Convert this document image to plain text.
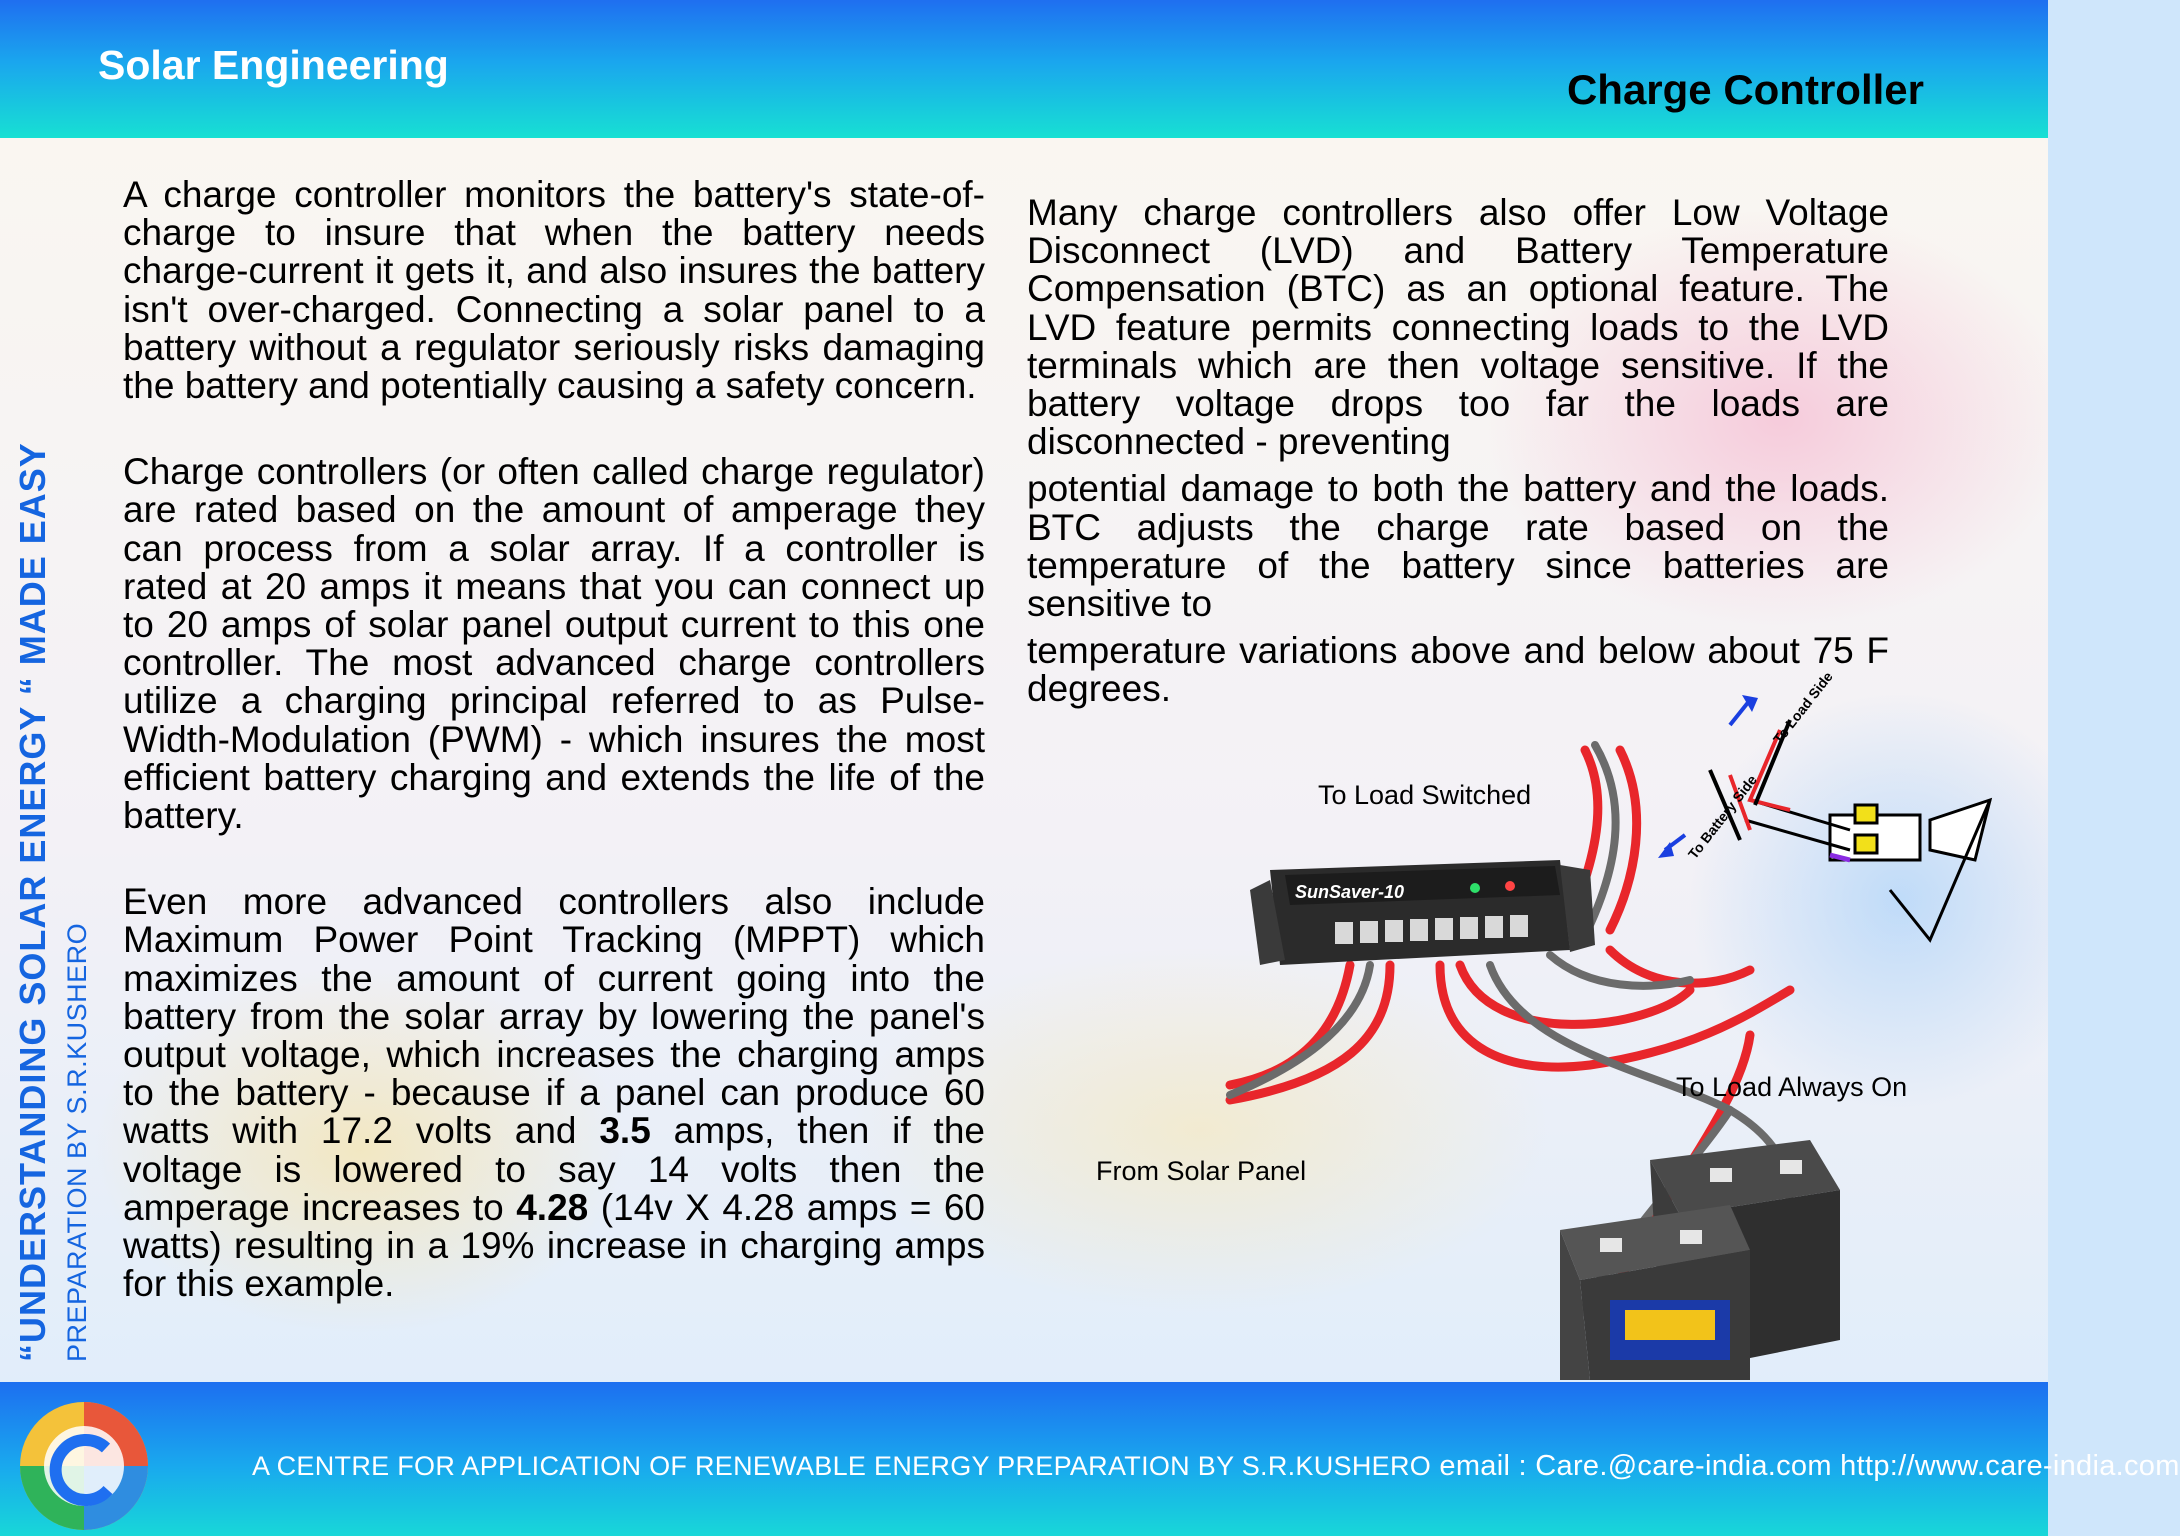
Solar Engineering
Charge Controller
“UNDERSTANDING SOLAR ENERGY “ MADE EASY PREPARATION BY S.R.KUSHERO

A charge controller monitors the battery's state-of-charge to insure that when the battery needs charge-current it gets it, and also insures the battery isn't over-charged. Connecting a solar panel to a battery without a regulator seriously risks damaging the battery and potentially causing a safety concern.

Charge controllers (or often called charge regulator) are rated based on the amount of amperage they can process from a solar array. If a controller is rated at 20 amps it means that you can connect up to 20 amps of solar panel output current to this one controller. The most advanced charge controllers utilize a charging principal referred to as Pulse-Width-Modulation (PWM) - which insures the most efficient battery charging and extends the life of the battery.

Even more advanced controllers also include Maximum Power Point Tracking (MPPT) which maximizes the amount of current going into the battery from the solar array by lowering the panel's output voltage, which increases the charging amps to the battery - because if a panel can produce 60 watts with 17.2 volts and 3.5 amps, then if the voltage is lowered to say 14 volts then the amperage increases to 4.28 (14v X 4.28 amps = 60 watts) resulting in a 19% increase in charging amps for this example.

Many charge controllers also offer Low Voltage Disconnect (LVD) and Battery Temperature Compensation (BTC) as an optional feature. The LVD feature permits connecting loads to the LVD terminals which are then voltage sensitive. If the battery voltage drops too far the loads are disconnected - preventing

potential damage to both the battery and the loads. BTC adjusts the charge rate based on the temperature of the battery since batteries are sensitive to

temperature variations above and below about 75 F degrees.

SunSaver-10
To Load Side
To Battery Side
To Load Switched
To Load Always On
From Solar Panel
A CENTRE FOR APPLICATION OF RENEWABLE ENERGY PREPARATION BY S.R.KUSHERO email : Care.@care-india.com http://www.care-india.com
